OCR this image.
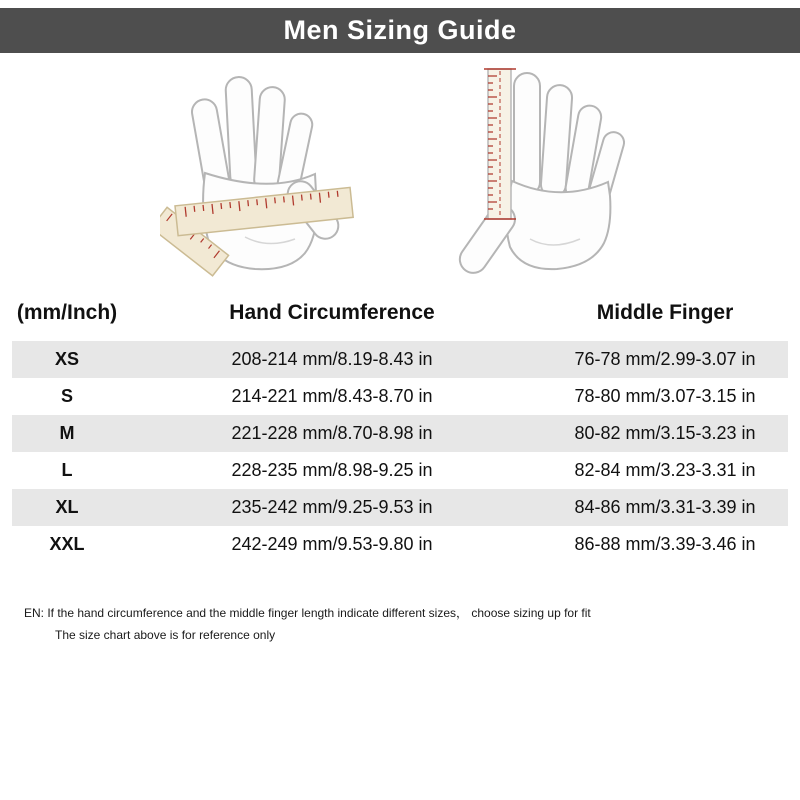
Men Sizing Guide
(mm/Inch)	Hand Circumference	Middle Finger
XS	208-214 mm/8.19-8.43 in	76-78 mm/2.99-3.07 in
S	214-221 mm/8.43-8.70 in	78-80 mm/3.07-3.15 in
M	221-228 mm/8.70-8.98 in	80-82 mm/3.15-3.23 in
L	228-235 mm/8.98-9.25 in	82-84 mm/3.23-3.31 in
XL	235-242 mm/9.25-9.53 in	84-86 mm/3.31-3.39 in
XXL	242-249 mm/9.53-9.80 in	86-88 mm/3.39-3.46 in
EN: If the hand circumference and the middle finger length indicate different sizes， choose sizing up for fit
The size chart above is for reference only
